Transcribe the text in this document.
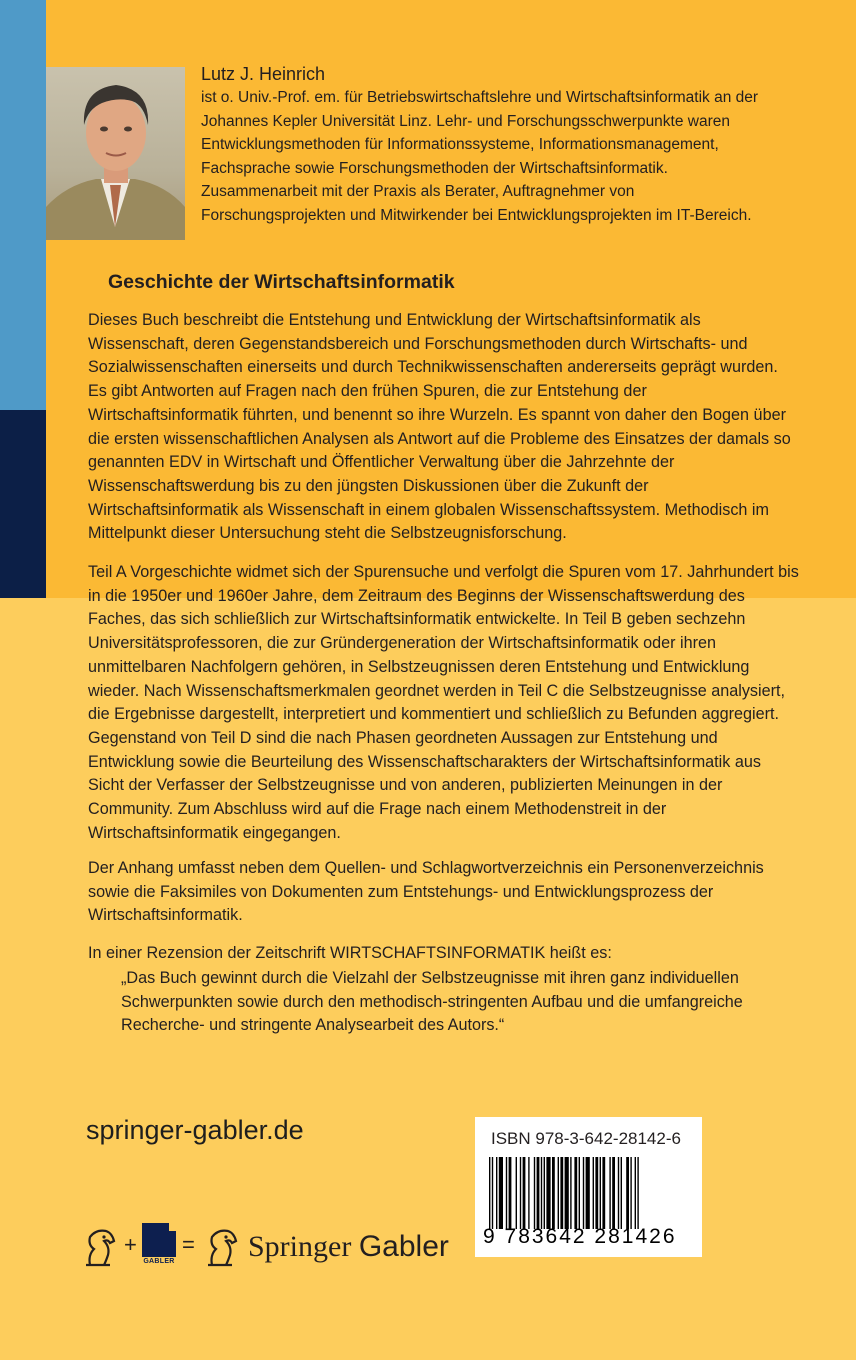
Lutz J. Heinrich
ist o. Univ.-Prof. em. für Betriebswirtschaftslehre und Wirtschaftsinformatik an der Johannes Kepler Universität Linz. Lehr- und Forschungsschwerpunkte waren Entwicklungsmethoden für Informationssysteme, Informationsmanagement, Fachsprache sowie Forschungsmethoden der Wirtschaftsinformatik. Zusammenarbeit mit der Praxis als Berater, Auftragnehmer von Forschungsprojekten und Mitwirkender bei Entwicklungsprojekten im IT-Bereich.
Geschichte der Wirtschaftsinformatik

Dieses Buch beschreibt die Entstehung und Entwicklung der Wirtschaftsinformatik als Wissenschaft, deren Gegenstandsbereich und Forschungsmethoden durch Wirtschafts- und Sozialwissenschaften einerseits und durch Technikwissenschaften andererseits geprägt wurden. Es gibt Antworten auf Fragen nach den frühen Spuren, die zur Entstehung der Wirtschaftsinformatik führten, und benennt so ihre Wurzeln. Es spannt von daher den Bogen über die ersten wissenschaftlichen Analysen als Antwort auf die Probleme des Einsatzes der damals so genannten EDV in Wirtschaft und Öffentlicher Verwaltung über die Jahrzehnte der Wissenschaftswerdung bis zu den jüngsten Diskussionen über die Zukunft der Wirtschaftsinformatik als Wissenschaft in einem globalen Wissenschaftssystem. Methodisch im Mittelpunkt dieser Untersuchung steht die Selbstzeugnisforschung.

Teil A Vorgeschichte widmet sich der Spurensuche und verfolgt die Spuren vom 17. Jahrhundert bis in die 1950er und 1960er Jahre, dem Zeitraum des Beginns der Wissenschaftswerdung des Faches, das sich schließlich zur Wirtschaftsinformatik entwickelte. In Teil B geben sechzehn Universitätsprofessoren, die zur Gründergeneration der Wirtschaftsinformatik oder ihren unmittelbaren Nachfolgern gehören, in Selbstzeugnissen deren Entstehung und Entwicklung wieder. Nach Wissenschaftsmerkmalen geordnet werden in Teil C die Selbstzeugnisse analysiert, die Ergebnisse dargestellt, interpretiert und kommentiert und schließlich zu Befunden aggregiert. Gegenstand von Teil D sind die nach Phasen geordneten Aussagen zur Entstehung und Entwicklung sowie die Beurteilung des Wissenschaftscharakters der Wirtschaftsinformatik aus Sicht der Verfasser der Selbstzeugnisse und von anderen, publizierten Meinungen in der Community. Zum Abschluss wird auf die Frage nach einem Methodenstreit in der Wirtschaftsinformatik eingegangen.

Der Anhang umfasst neben dem Quellen- und Schlagwortverzeichnis ein Personenverzeichnis sowie die Faksimiles von Dokumenten zum Entstehungs- und Entwicklungsprozess der Wirtschaftsinformatik.

In einer Rezension der Zeitschrift WIRTSCHAFTSINFORMATIK heißt es:

„Das Buch gewinnt durch die Vielzahl der Selbstzeugnisse mit ihren ganz individuellen Schwerpunkten sowie durch den methodisch-stringenten Aufbau und die umfangreiche Recherche- und stringente Analysearbeit des Autors.“

springer-gabler.de
+
GABLER
= Springer Gabler
ISBN 978-3-642-28142-6
9 783642 281426
